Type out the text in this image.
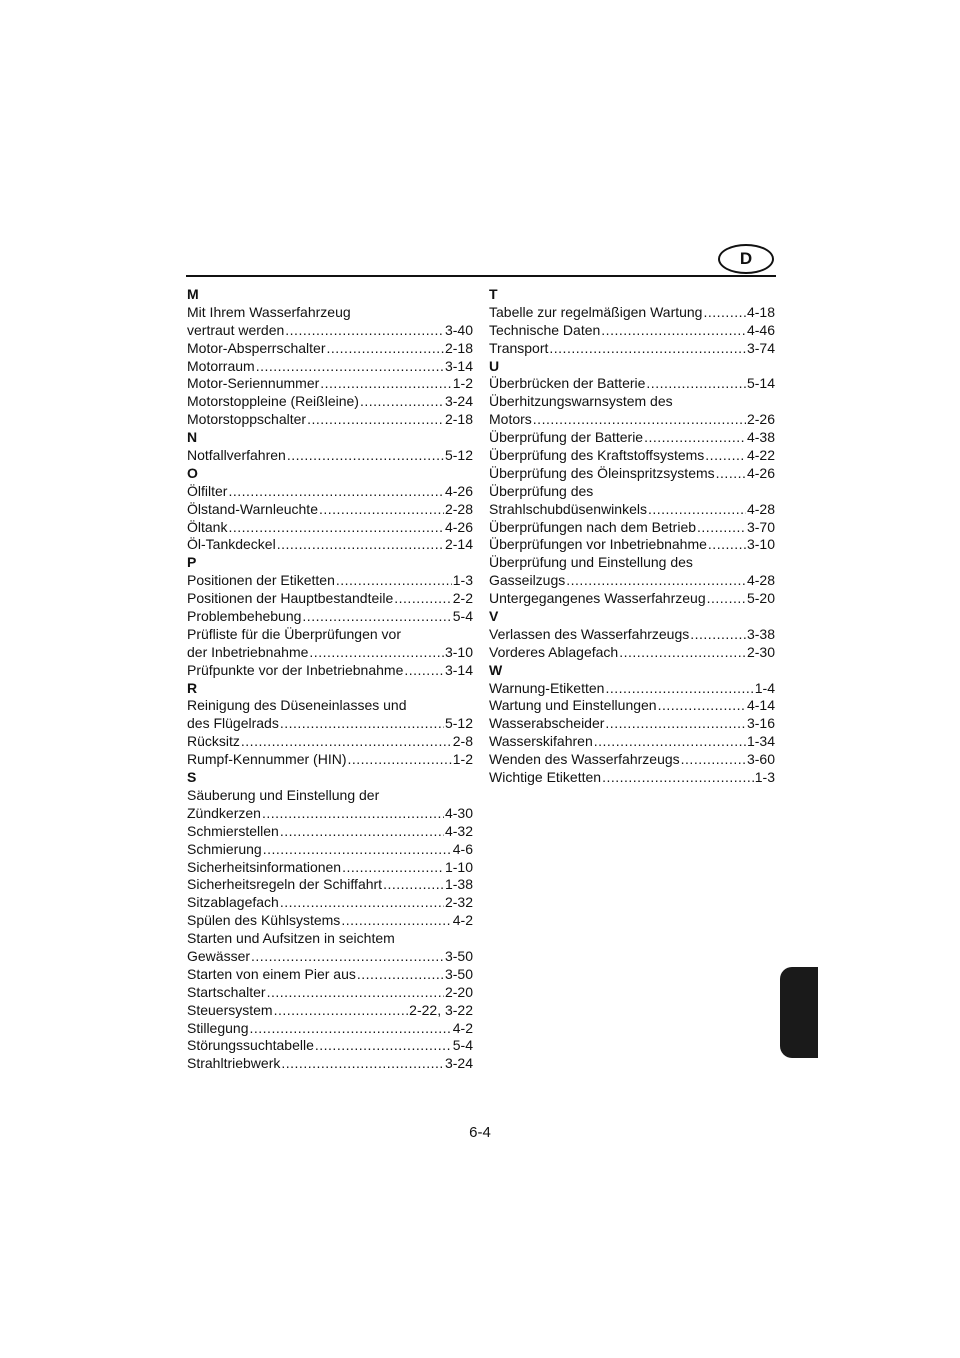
D
M
Mit Ihrem Wasserfahrzeug
vertraut werden .....	3-40
Motor-Absperrschalter .....	2-18
Motorraum .....	3-14
Motor-Seriennummer .....	1-2
Motorstoppleine (Reißleine) .....	3-24
Motorstoppschalter .....	2-18
N
Notfallverfahren .....	5-12
O
Ölfilter .....	4-26
Ölstand-Warnleuchte .....	2-28
Öltank .....	4-26
Öl-Tankdeckel .....	2-14
P
Positionen der Etiketten .....	1-3
Positionen der Hauptbestandteile .....	2-2
Problembehebung .....	5-4
Prüfliste für die Überprüfungen vor
der Inbetriebnahme .....	3-10
Prüfpunkte vor der Inbetriebnahme .....	3-14
R
Reinigung des Düseneinlasses und
des Flügelrads .....	5-12
Rücksitz .....	2-8
Rumpf-Kennummer (HIN) .....	1-2
S
Säuberung und Einstellung der
Zündkerzen .....	4-30
Schmierstellen .....	4-32
Schmierung .....	4-6
Sicherheitsinformationen .....	1-10
Sicherheitsregeln der Schiffahrt .....	1-38
Sitzablagefach .....	2-32
Spülen des Kühlsystems .....	4-2
Starten und Aufsitzen in seichtem
Gewässer .....	3-50
Starten von einem Pier aus .....	3-50
Startschalter .....	2-20
Steuersystem .....	2-22, 3-22
Stillegung .....	4-2
Störungssuchtabelle .....	5-4
Strahltriebwerk .....	3-24
T
Tabelle zur regelmäßigen Wartung .....	4-18
Technische Daten .....	4-46
Transport .....	3-74
U
Überbrücken der Batterie .....	5-14
Überhitzungswarnsystem des
Motors .....	2-26
Überprüfung der Batterie .....	4-38
Überprüfung des Kraftstoffsystems .....	4-22
Überprüfung des Öleinspritzsystems ..... 4-26
Überprüfung des
Strahlschubdüsenwinkels .....	4-28
Überprüfungen nach dem Betrieb .....	3-70
Überprüfungen vor Inbetriebnahme .....	3-10
Überprüfung und Einstellung des
Gasseilzugs .....	4-28
Untergegangenes Wasserfahrzeug .....	5-20
V
Verlassen des Wasserfahrzeugs .....	3-38
Vorderes Ablagefach .....	2-30
W
Warnung-Etiketten .....	1-4
Wartung und Einstellungen .....	4-14
Wasserabscheider .....	3-16
Wasserskifahren .....	1-34
Wenden des Wasserfahrzeugs .....	3-60
Wichtige Etiketten .....	1-3
6-4
